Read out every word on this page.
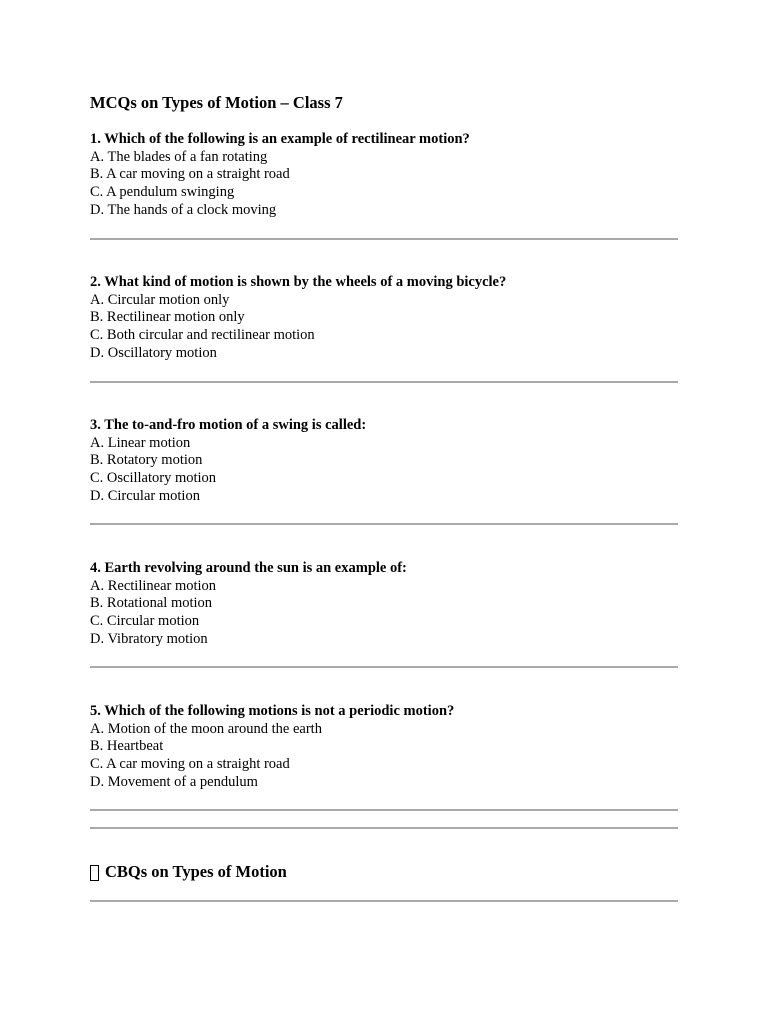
MCQs on Types of Motion – Class 7
1. Which of the following is an example of rectilinear motion?
A. The blades of a fan rotating
B. A car moving on a straight road
C. A pendulum swinging
D. The hands of a clock moving
2. What kind of motion is shown by the wheels of a moving bicycle?
A. Circular motion only
B. Rectilinear motion only
C. Both circular and rectilinear motion
D. Oscillatory motion
3. The to-and-fro motion of a swing is called:
A. Linear motion
B. Rotatory motion
C. Oscillatory motion
D. Circular motion
4. Earth revolving around the sun is an example of:
A. Rectilinear motion
B. Rotational motion
C. Circular motion
D. Vibratory motion
5. Which of the following motions is not a periodic motion?
A. Motion of the moon around the earth
B. Heartbeat
C. A car moving on a straight road
D. Movement of a pendulum
CBQs on Types of Motion
